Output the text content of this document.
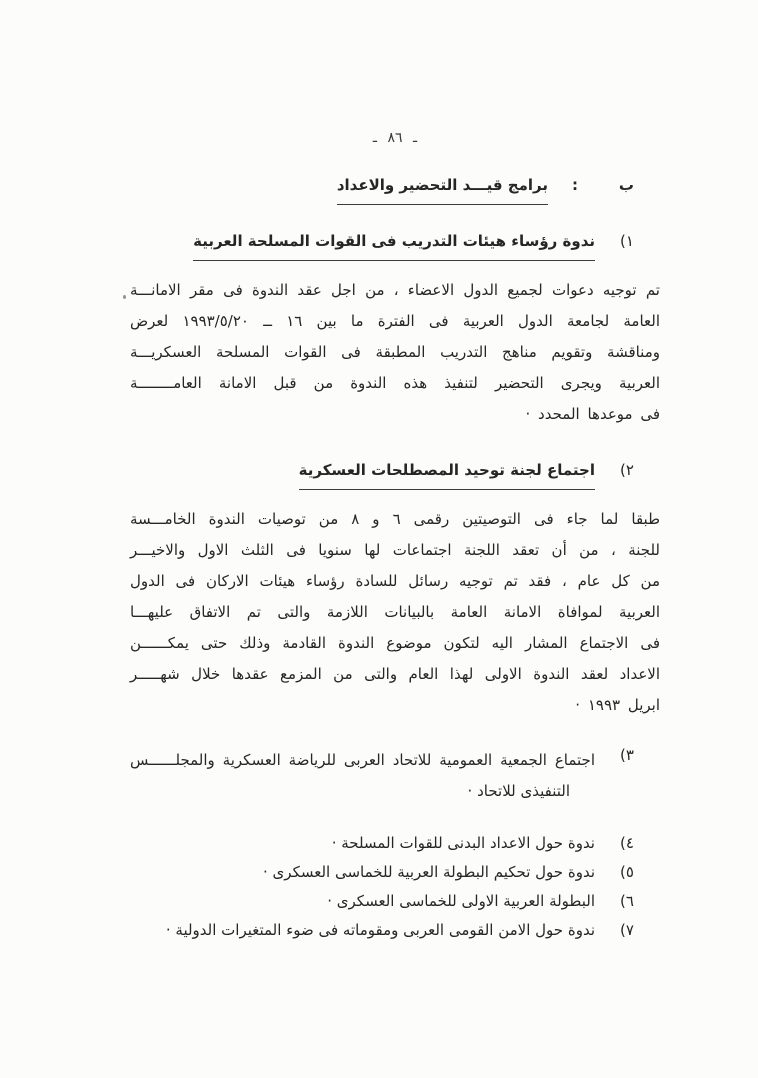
ـ ٨٦ ـ
ب
:
برامج قيـــد التحضير والاعداد
١)
ندوة رؤساء هيئات التدريب فى القوات المسلحة العربية
تم توجيه دعوات لجميع الدول الاعضاء ، من اجل عقد الندوة فى مقر الامانـــة
العامة لجامعة الدول العربية فى الفترة ما بين ١٦ ــ ١٩٩٣/٥/٢٠ لعرض
ومناقشة وتقويم مناهج التدريب المطبقة فى القوات المسلحة العسكريـــة
العربية ويجرى التحضير لتنفيذ هذه الندوة من قبل الامانة العامــــــــة
فى موعدها المحدد ·
٢)
اجتماع لجنة توحيد المصطلحات العسكرية
طبقا لما جاء فى التوصيتين رقمى ٦ و ٨ من توصيات الندوة الخامـــسة
للجنة ، من أن تعقد اللجنة اجتماعات لها سنويا فى الثلث الاول والاخيـــر
من كل عام ، فقد تم توجيه رسائل للسادة رؤساء هيئات الاركان فى الدول
العربية لموافاة الامانة العامة بالبيانات اللازمة والتى تم الاتفاق عليهـــا
فى الاجتماع المشار اليه لتكون موضوع الندوة القادمة وذلك حتى يمكــــــن
الاعداد لعقد الندوة الاولى لهذا العام والتى من المزمع عقدها خلال شهـــــر
ابريل ١٩٩٣ ·
٣)
اجتماع الجمعية العمومية للاتحاد العربى للرياضة العسكرية والمجلــــــس
التنفيذى للاتحاد ·
٤)
ندوة حول الاعداد البدنى للقوات المسلحة ·
٥)
ندوة حول تحكيم البطولة العربية للخماسى العسكرى ·
٦)
البطولة العربية الاولى للخماسى العسكرى ·
٧)
ندوة حول الامن القومى العربى ومقوماته فى ضوء المتغيرات الدولية ·
